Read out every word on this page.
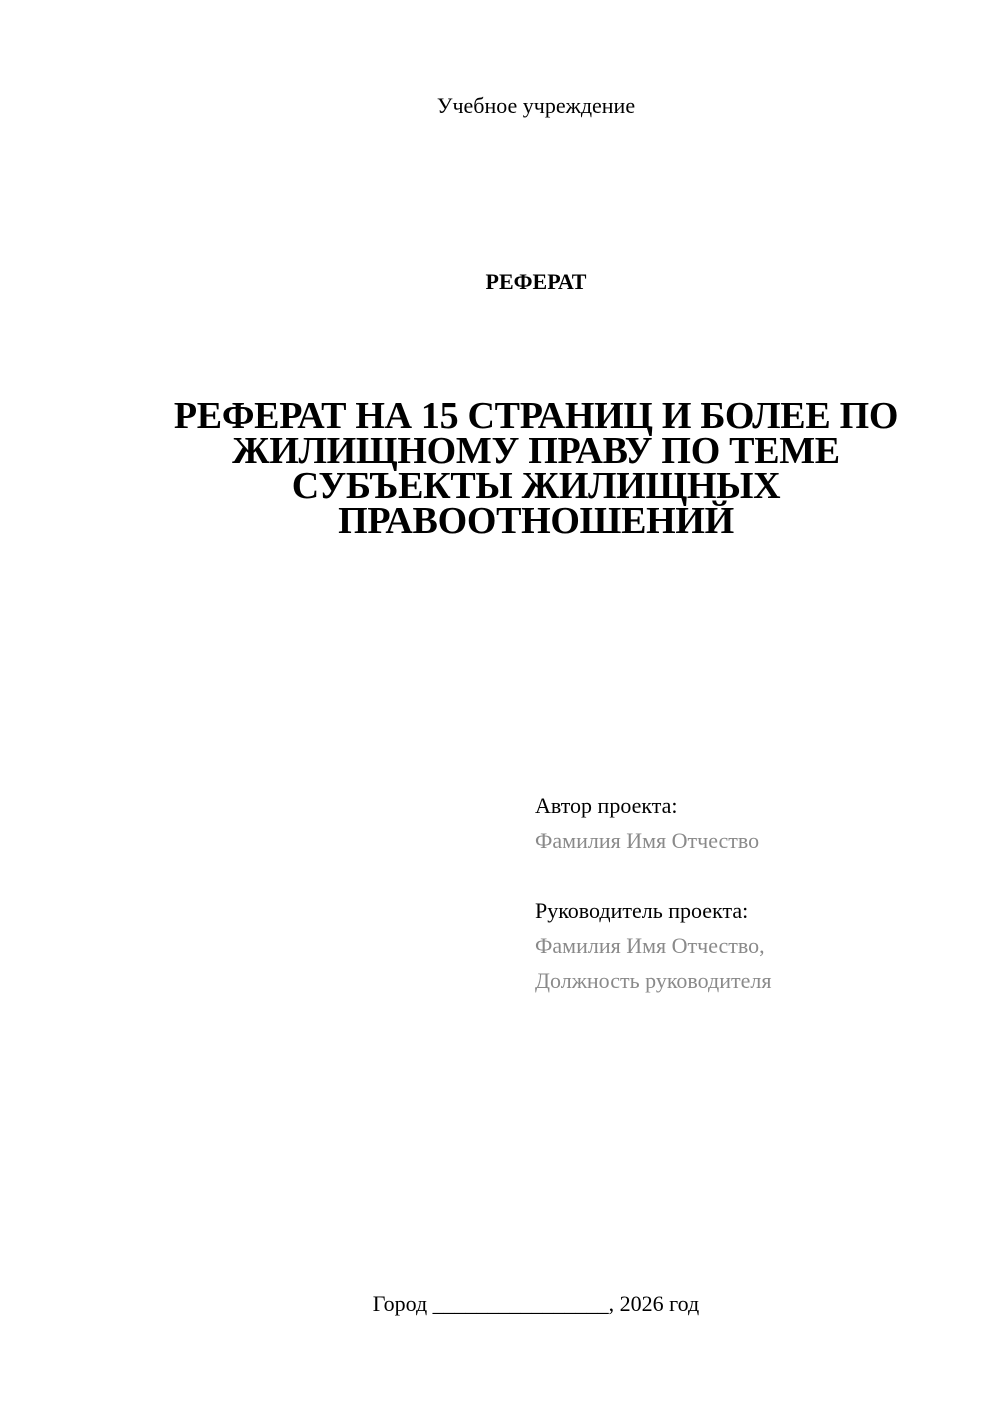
Учебное учреждение
РЕФЕРАТ
РЕФЕРАТ НА 15 СТРАНИЦ И БОЛЕЕ ПО
ЖИЛИЩНОМУ ПРАВУ ПО ТЕМЕ
СУБЪЕКТЫ ЖИЛИЩНЫХ
ПРАВООТНОШЕНИЙ
Автор проекта:
Фамилия Имя Отчество
Руководитель проекта:
Фамилия Имя Отчество,
Должность руководителя
Город ________________, 2026 год
